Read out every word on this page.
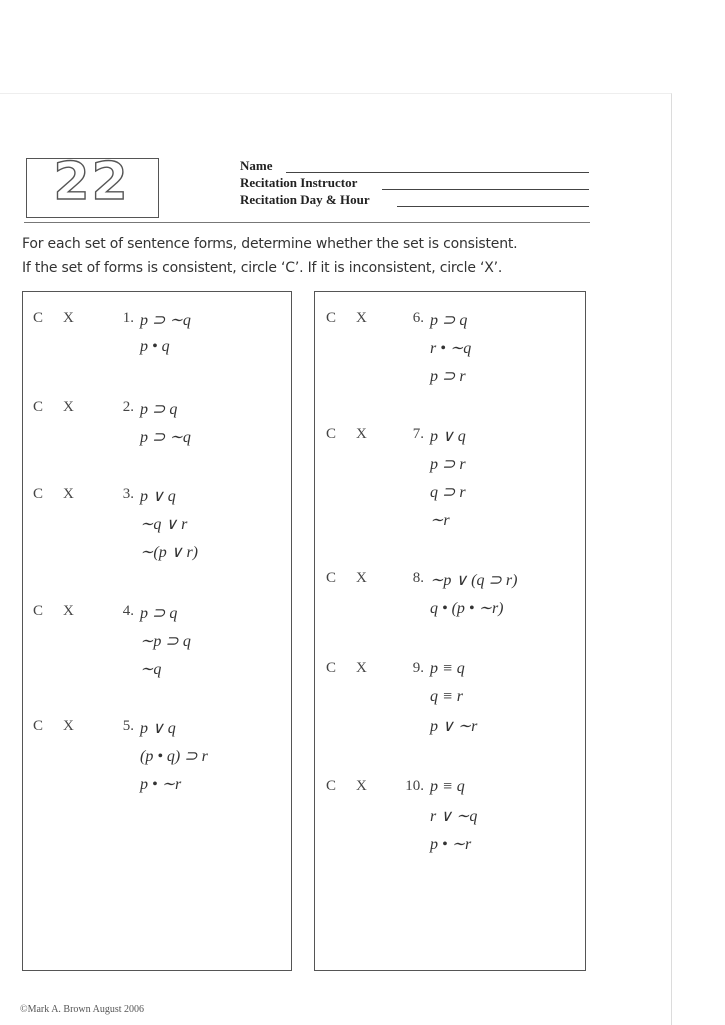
22	Name
Recitation Instructor
Recitation Day & Hour
For each set of sentence forms, determine whether the set is consistent.
If the set of forms is consistent, circle ‘C’. If it is inconsistent, circle ‘X’.
C X	1. p ⊃ ∼q
p • q
C X	2. p ⊃ q
p ⊃ ∼q
C X	3. p ∨ q
∼q ∨ r
∼(p ∨ r)
C X	4. p ⊃ q
∼p ⊃ q
∼q
C X	5. p ∨ q
(p • q) ⊃ r
p • ∼r
C X	6. p ⊃ q
r • ∼q
p ⊃ r
C X	7. p ∨ q
p ⊃ r
q ⊃ r
∼r
C X	8. ∼p ∨ (q ⊃ r)
q • (p • ∼r)
C X	9. p ≡ q
q ≡ r
p ∨ ∼r
C X	10. p ≡ q
r ∨ ∼q
p • ∼r
©Mark A. Brown August 2006
